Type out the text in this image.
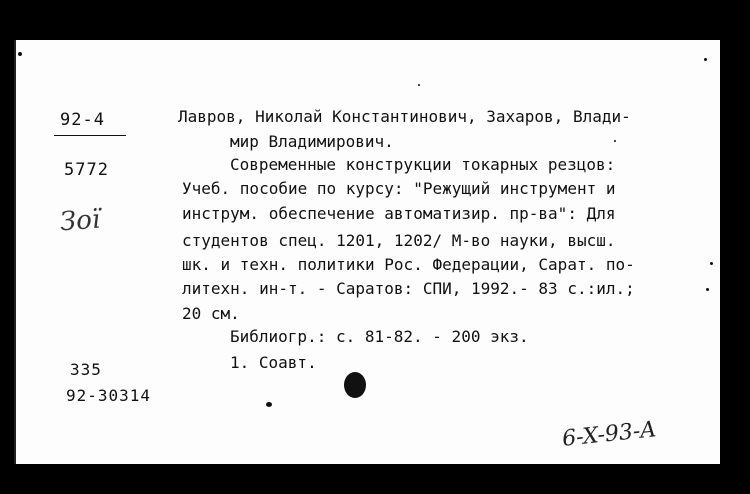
92-4
5772
Зої
335
92-30314
Лавров, Николай Константинович, Захаров, Влади-
мир Владимирович.
Современные конструкции токарных резцов:
Учеб. пособие по курсу: "Режущий инструмент и
инструм. обеспечение автоматизир. пр-ва": Для
студентов спец. 1201, 1202/ М-во науки, высш.
шк. и техн. политики Рос. Федерации, Сарат. по-
литехн. ин-т. - Саратов: СПИ, 1992.- 83 с.:ил.;
20 см.
Библиогр.: с. 81-82. - 200 экз.
1. Соавт.
6-X-93-A
